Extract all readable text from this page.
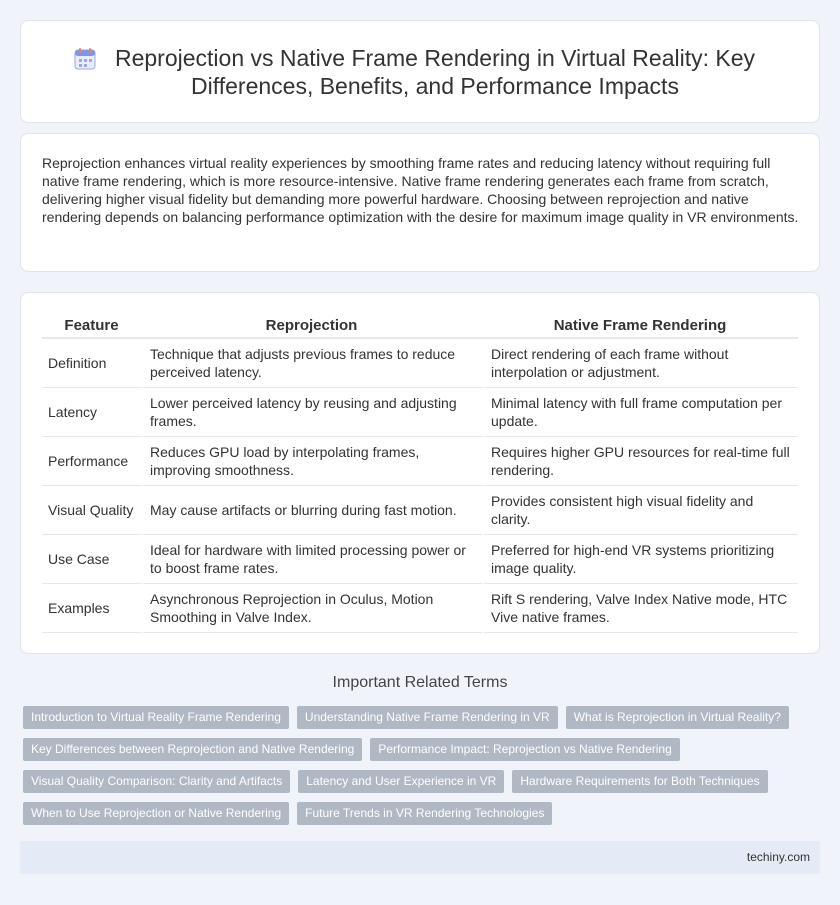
Reprojection vs Native Frame Rendering in Virtual Reality: Key Differences, Benefits, and Performance Impacts

Reprojection enhances virtual reality experiences by smoothing frame rates and reducing latency without requiring full native frame rendering, which is more resource-intensive. Native frame rendering generates each frame from scratch, delivering higher visual fidelity but demanding more powerful hardware. Choosing between reprojection and native rendering depends on balancing performance optimization with the desire for maximum image quality in VR environments.

Feature	Reprojection	Native Frame Rendering
Definition	Technique that adjusts previous frames to reduce perceived latency.	Direct rendering of each frame without interpolation or adjustment.
Latency	Lower perceived latency by reusing and adjusting frames.	Minimal latency with full frame computation per update.
Performance	Reduces GPU load by interpolating frames, improving smoothness.	Requires higher GPU resources for real-time full rendering.
Visual Quality	May cause artifacts or blurring during fast motion.	Provides consistent high visual fidelity and clarity.
Use Case	Ideal for hardware with limited processing power or to boost frame rates.	Preferred for high-end VR systems prioritizing image quality.
Examples	Asynchronous Reprojection in Oculus, Motion Smoothing in Valve Index.	Rift S rendering, Valve Index Native mode, HTC Vive native frames.
Important Related Terms
Introduction to Virtual Reality Frame Rendering	Understanding Native Frame Rendering in VR	What is Reprojection in Virtual Reality?
Key Differences between Reprojection and Native Rendering	Performance Impact: Reprojection vs Native Rendering
Visual Quality Comparison: Clarity and Artifacts	Latency and User Experience in VR	Hardware Requirements for Both Techniques
When to Use Reprojection or Native Rendering	Future Trends in VR Rendering Technologies
techiny.com
